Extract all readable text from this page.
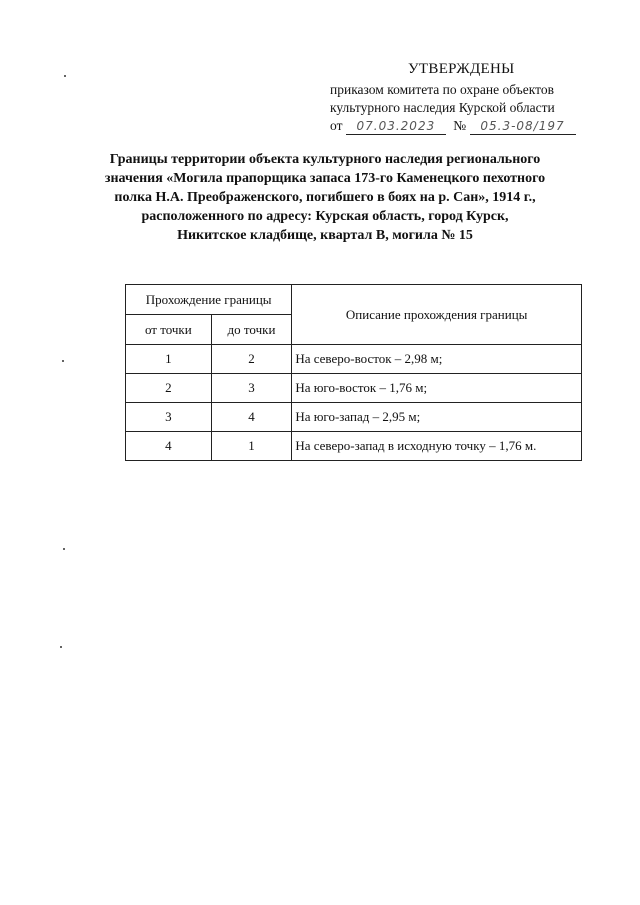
УТВЕРЖДЕНЫ
приказом комитета по охране объектов
культурного наследия Курской области
от 07.03.2023 № 05.3-08/197
Границы территории объекта культурного наследия регионального
значения «Могила прапорщика запаса 173-го Каменецкого пехотного
полка Н.А. Преображенского, погибшего в боях на р. Сан», 1914 г.,
расположенного по адресу: Курская область, город Курск,
Никитское кладбище, квартал В, могила № 15
Прохождение границы		Описание прохождения границы
от точки	до точки	
1	2	На северо-восток – 2,98 м;
2	3	На юго-восток – 1,76 м;
3	4	На юго-запад – 2,95 м;
4	1	На северо-запад в исходную точку – 1,76 м.
